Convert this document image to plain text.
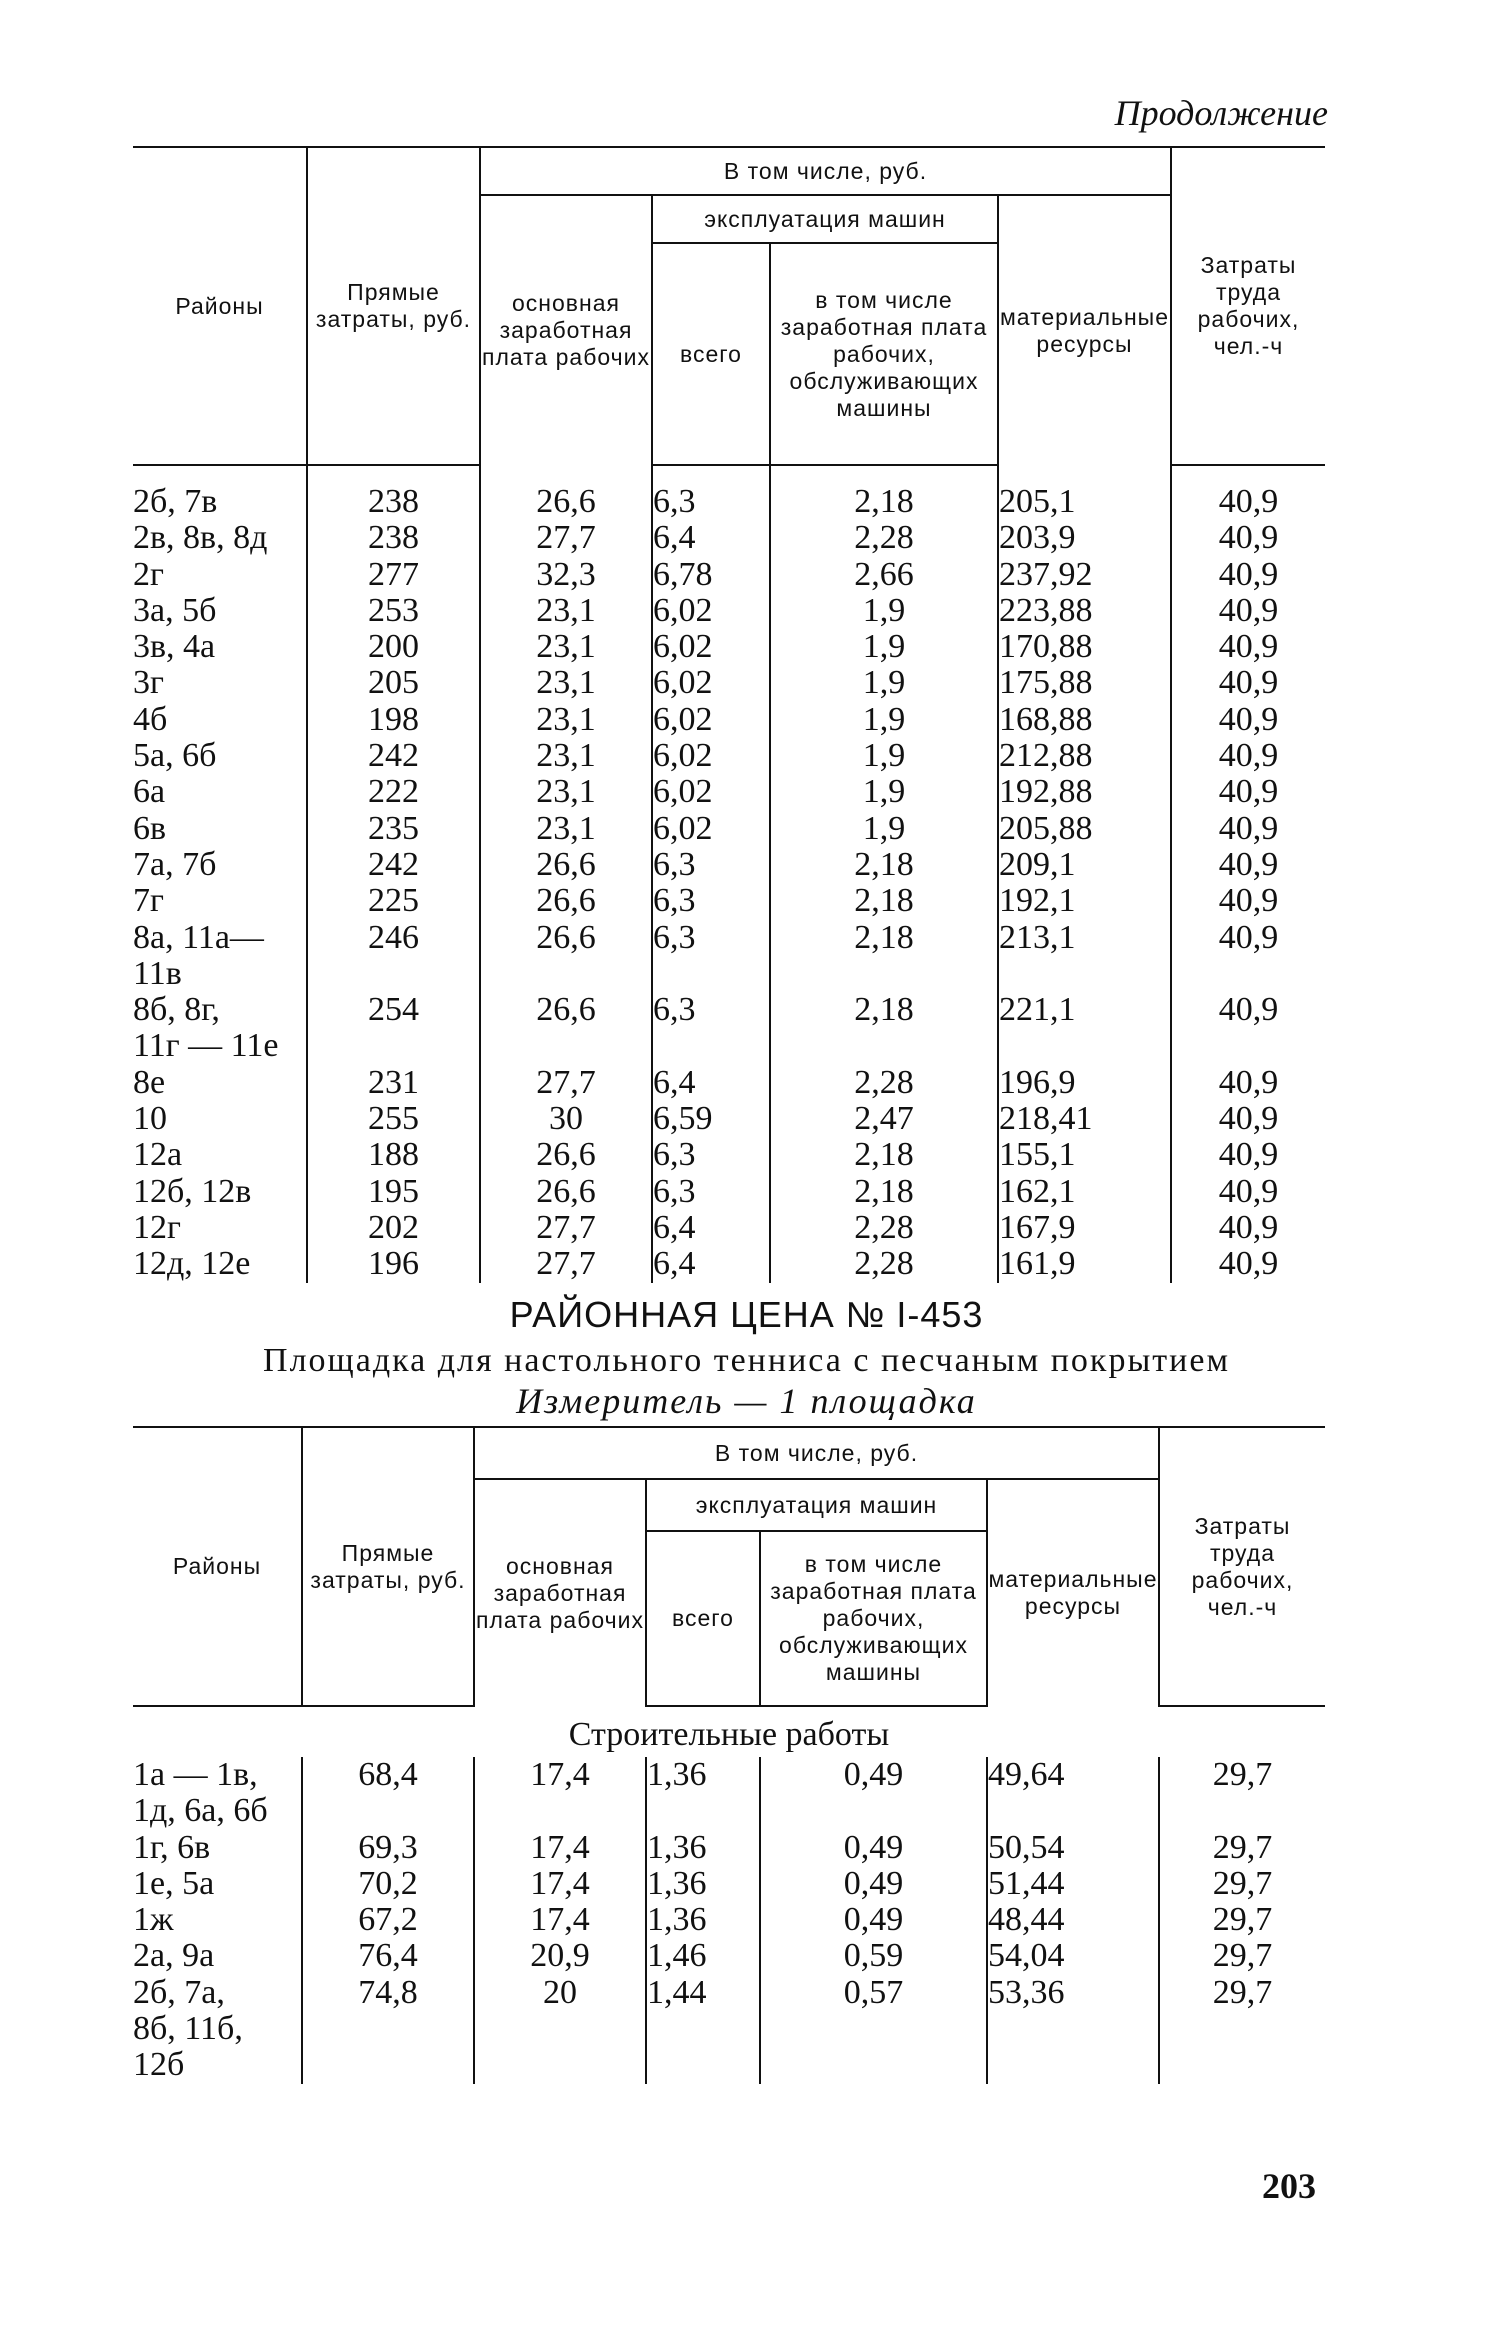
Продолжение
Районы	Прямые затраты, руб.	В том числе, руб.				Затраты труда рабочих, чел.-ч
		основная заработная плата рабочих	эксплуатация машин		материальные ресурсы	
			всего	в том числе заработная плата рабочих, обслуживающих машины		

2б, 7в	238	26,6	6,3	2,18	205,1	40,9
2в, 8в, 8д	238	27,7	6,4	2,28	203,9	40,9
2г	277	32,3	6,78	2,66	237,92	40,9
3а, 5б	253	23,1	6,02	1,9	223,88	40,9
3в, 4а	200	23,1	6,02	1,9	170,88	40,9
3г	205	23,1	6,02	1,9	175,88	40,9
4б	198	23,1	6,02	1,9	168,88	40,9
5а, 6б	242	23,1	6,02	1,9	212,88	40,9
6а	222	23,1	6,02	1,9	192,88	40,9
6в	235	23,1	6,02	1,9	205,88	40,9
7а, 7б	242	26,6	6,3	2,18	209,1	40,9
7г	225	26,6	6,3	2,18	192,1	40,9
8а, 11а—	246	26,6	6,3	2,18	213,1	40,9
11в						
8б, 8г,	254	26,6	6,3	2,18	221,1	40,9
11г — 11е						
8е	231	27,7	6,4	2,28	196,9	40,9
10	255	30	6,59	2,47	218,41	40,9
12а	188	26,6	6,3	2,18	155,1	40,9
12б, 12в	195	26,6	6,3	2,18	162,1	40,9
12г	202	27,7	6,4	2,28	167,9	40,9
12д, 12е	196	27,7	6,4	2,28	161,9	40,9
РАЙОННАЯ ЦЕНА № I-453
Площадка для настольного тенниса с песчаным покрытием
Измеритель — 1 площадка
Районы	Прямые затраты, руб.	В том числе, руб.				Затраты труда рабочих, чел.-ч
		основная заработная плата рабочих	эксплуатация машин		материальные ресурсы	
			всего	в том числе заработная плата рабочих, обслуживающих машины		
Строительные работы						
1а — 1в,	68,4	17,4	1,36	0,49	49,64	29,7
1д, 6а, 6б						
1г, 6в	69,3	17,4	1,36	0,49	50,54	29,7
1е, 5а	70,2	17,4	1,36	0,49	51,44	29,7
1ж	67,2	17,4	1,36	0,49	48,44	29,7
2а, 9а	76,4	20,9	1,46	0,59	54,04	29,7
2б, 7а,	74,8	20	1,44	0,57	53,36	29,7
8б, 11б,						
12б						
203
